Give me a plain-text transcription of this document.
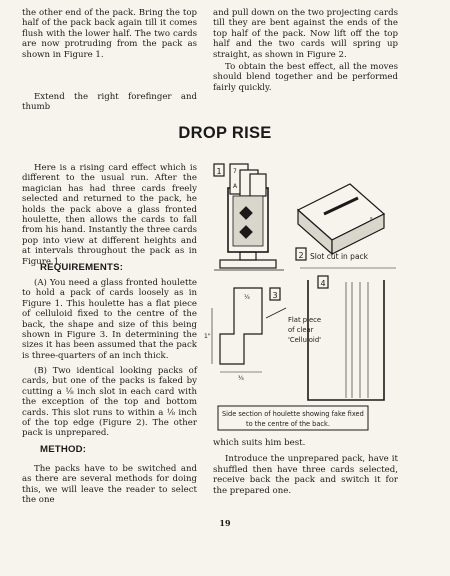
the other end of the pack. Bring the top half of the pack back again till it comes flush with the lower half. The two cards are now protruding from the pack as shown in Figure 1.

Extend the right forefinger and thumb

and pull down on the two projecting cards till they are bent against the ends of the top half of the pack. Now lift off the top half and the two cards will spring up straight, as shown in Figure 2.

To obtain the best effect, all the moves should blend together and be performed fairly quickly.

DROP RISE

Here is a rising card effect which is different to the usual run. After the magician has had three cards freely selected and returned to the pack, he holds the pack above a glass fronted houlette, then allows the cards to fall from his hand. Instantly the three cards pop into view at different heights and at intervals throughout the pack as in Figure 1.

REQUIREMENTS:

(A) You need a glass fronted houlette to hold a pack of cards loosely as in Figure 1. This houlette has a flat piece of celluloid fixed to the centre of the back, the shape and size of this being shown in Figure 3. In determining the sizes it has been assumed that the pack is three-quarters of an inch thick.

(B) Two identical looking packs of cards, but one of the packs is faked by cutting a ⅛ inch slot in each card with the exception of the top and bottom cards. This slot runs to within a ⅛ inch of the top edge (Figure 2). The other pack is unprepared.

METHOD:

The packs have to be switched and as there are several methods for doing this, we will leave the reader to select the one

which suits him best.

Introduce the unprepared pack, have it shuffled then have three cards selected, receive back the pack and switch it for the prepared one.

19
1 7
A
s
2 Slot cut in pack
3
4
Flat piece
of clear
'Celluloid'
¼
1"
¾
Side section of houlette showing fake fixed
to the centre of the back.
